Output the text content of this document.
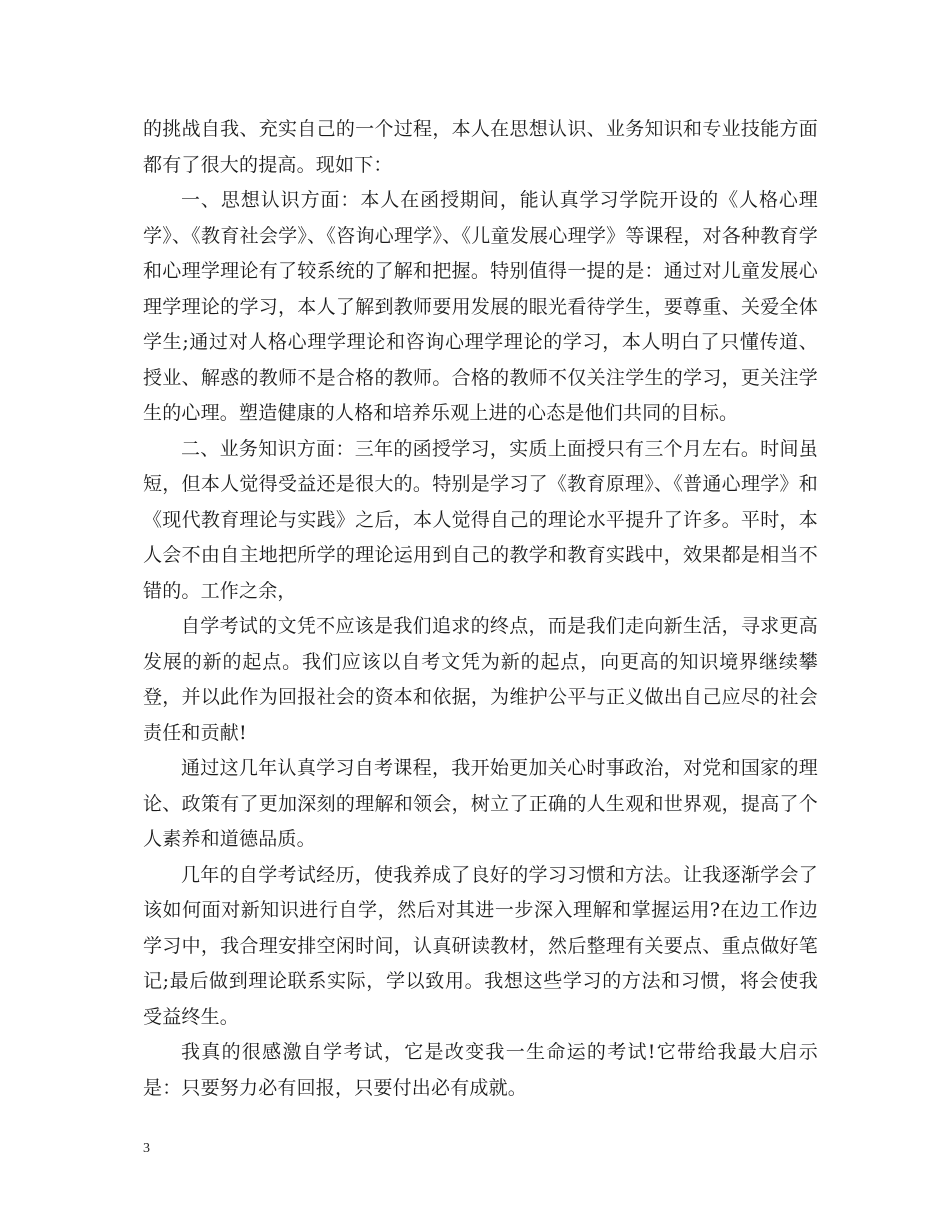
的挑战自我、充实自己的一个过程，本人在思想认识、业务知识和专业技能方面都有了很大的提高。现如下：

一、思想认识方面：本人在函授期间，能认真学习学院开设的《人格心理学》、《教育社会学》、《咨询心理学》、《儿童发展心理学》等课程，对各种教育学和心理学理论有了较系统的了解和把握。特别值得一提的是：通过对儿童发展心理学理论的学习，本人了解到教师要用发展的眼光看待学生，要尊重、关爱全体学生;通过对人格心理学理论和咨询心理学理论的学习，本人明白了只懂传道、授业、解惑的教师不是合格的教师。合格的教师不仅关注学生的学习，更关注学生的心理。塑造健康的人格和培养乐观上进的心态是他们共同的目标。

二、业务知识方面：三年的函授学习，实质上面授只有三个月左右。时间虽短，但本人觉得受益还是很大的。特别是学习了《教育原理》、《普通心理学》和《现代教育理论与实践》之后，本人觉得自己的理论水平提升了许多。平时，本人会不由自主地把所学的理论运用到自己的教学和教育实践中，效果都是相当不错的。工作之余，

自学考试的文凭不应该是我们追求的终点，而是我们走向新生活，寻求更高发展的新的起点。我们应该以自考文凭为新的起点，向更高的知识境界继续攀登，并以此作为回报社会的资本和依据，为维护公平与正义做出自己应尽的社会责任和贡献!

通过这几年认真学习自考课程，我开始更加关心时事政治，对党和国家的理论、政策有了更加深刻的理解和领会，树立了正确的人生观和世界观，提高了个人素养和道德品质。

几年的自学考试经历，使我养成了良好的学习习惯和方法。让我逐渐学会了该如何面对新知识进行自学，然后对其进一步深入理解和掌握运用?在边工作边学习中，我合理安排空闲时间，认真研读教材，然后整理有关要点、重点做好笔记;最后做到理论联系实际，学以致用。我想这些学习的方法和习惯，将会使我受益终生。

我真的很感激自学考试，它是改变我一生命运的考试!它带给我最大启示是：只要努力必有回报，只要付出必有成就。

3
